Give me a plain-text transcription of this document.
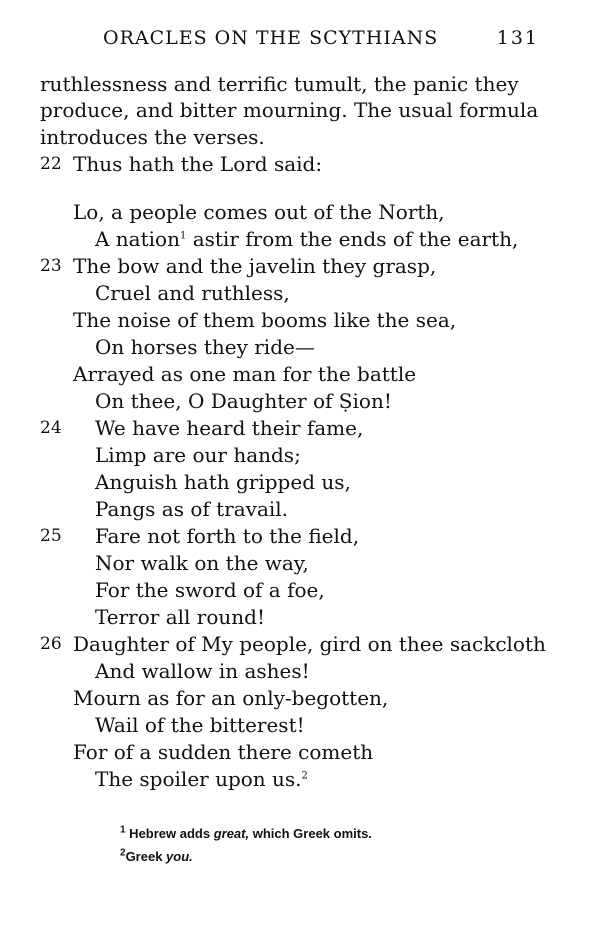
ORACLES ON THE SCYTHIANS	131
ruthlessness and terrific tumult, the panic they
produce, and bitter mourning. The usual formula
introduces the verses.
22 Thus hath the Lord said:
Lo, a people comes out of the North,
A nation$^1$ astir from the ends of the earth,
23 The bow and the javelin they grasp,
Cruel and ruthless,
The noise of them booms like the sea,
On horses they ride—
Arrayed as one man for the battle
On thee, O Daughter of Ṣion!
24 We have heard their fame,
Limp are our hands;
Anguish hath gripped us,
Pangs as of travail.
25 Fare not forth to the field,
Nor walk on the way,
For the sword of a foe,
Terror all round!
26 Daughter of My people, gird on thee sackcloth
And wallow in ashes!
Mourn as for an only-begotten,
Wail of the bitterest!
For of a sudden there cometh
The spoiler upon us.$^2$
$^1$ Hebrew adds great, which Greek omits.
$^2$Greek you.
